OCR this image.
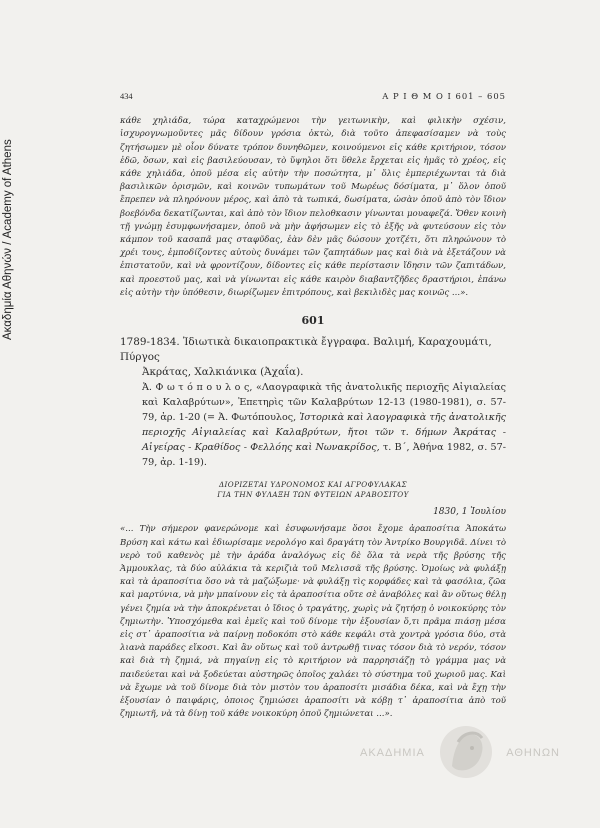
Ακαδημία Αθηνών / Academy of Athens
434	Α Ρ Ι Θ Μ Ο Ι 601 – 605

κάθε χηλιάδα, τώρα καταχρώμενοι τὴν γειτωνικὴν, καὶ φιλικὴν σχέσιν, ἰσχυρογνωμοῦντες μᾶς δίδουν γρόσια ὀκτὼ, διὰ τοῦτο ἀπεφασίσαμεν νὰ τοὺς ζητήσωμεν μὲ οἷον δύνατε τρόπον δυνηθῶμεν, κοινούμενοι εἰς κάθε κριτήριον, τόσον ἐδῶ, ὅσων, καὶ εἰς βασιλεύουσαν, τὸ ὕψηλοι ὅτι ὕθελε ἔρχεται εἰς ἡμᾶς τὸ χρέος, εἰς κάθε χηλιάδα, ὁποῦ μέσα εἰς αὐτὴν τὴν ποσώτητα, μ᾽ ὅλις ἐμπεριέχωνται τὰ διὰ βασιλικῶν ὁρισμῶν, καὶ κοινῶν τυπωμάτων τοῦ Μωρέως δόσίματα, μ᾽ ὅλον ὁποῦ ἔπρεπεν νὰ πληρόνουν μέρος, καὶ ἀπὸ τὰ τωπικά, δωσίματα, ὡσὰν ὁποῦ ἀπὸ τὸν ἴδιον βοεβόνδα δεκατίζωνται, καὶ ἀπὸ τὸν ἴδιον πελοθκασιν γίνωνται μουαφεζά. Ὅθεν κοινὴ τῇ γνώμῃ ἐσυμφωνήσαμεν, ὁποῦ νὰ μὴν ἀφήσωμεν εἰς τὸ ἑξῆς νὰ φυτεύσουν εἰς τὸν κάμπον τοῦ κασαπᾶ μας σταφῦδας, ἐὰν δὲν μᾶς δώσουν χοτζέτι, ὅτι πληρώνουν τὸ χρέι τους, ἐμποδίζοντες αὐτοὺς δυνάμει τῶν ζαπητάδων μας καὶ διὰ νὰ ἐξετάζουν νὰ ἐπιστατοῦν, καὶ νὰ φροντίζουν, δίδοντες εἰς κάθε περίστασιν ἴδησιν τῶν ζαπιτάδων, καὶ προεστοῦ μας, καὶ νὰ γίνωνται εἰς κάθε καιρὸν διαβαντζῆδες δραστήριοι, ἐπάνω εἰς αὐτὴν τὴν ὑπόθεσιν, διωρίζωμεν ἐπιτρόπους, καὶ βεκιλιδὲς μας κοινῶς ...».

601

1789-1834. Ἰδιωτικὰ δικαιοπρακτικὰ ἔγγραφα. Βαλιμή, Καραχουμάτι, Πύργος

Ἀκράτας, Χαλκιάνικα (Ἀχαΐα).

Ἀ. Φ ω τ ό π ο υ λ ο ς, «Λαογραφικὰ τῆς ἀνατολικῆς περιοχῆς Αἰγιαλείας καὶ Καλαβρύτων», Ἐπετηρὶς τῶν Καλαβρύτων 12-13 (1980-1981), σ. 57-79, ἀρ. 1-20 (= Ἀ. Φωτόπουλος, Ἱστορικὰ καὶ λαογραφικὰ τῆς ἀνατολικῆς περιοχῆς Αἰγιαλείας καὶ Καλαβρύτων, ἤτοι τῶν τ. δήμων Ἀκράτας - Αἰγείρας - Κραθίδος - Φελλόης καὶ Νωνακρίδος, τ. Β΄, Ἀθήνα 1982, σ. 57-79, ἀρ. 1-19).

ΔΙΟΡΙΖΕΤΑΙ ΥΔΡΟΝΟΜΟΣ ΚΑΙ ΑΓΡΟΦΥΛΑΚΑΣ
ΓΙΑ ΤΗΝ ΦΥΛΑΞΗ ΤΩΝ ΦΥΤΕΙΩΝ ΑΡΑΒΟΣΙΤΟΥ
1830, 1 Ἰουλίου

«... Τὴν σήμερον φανερώνομε καὶ ἐσυφωνήσαμε ὅσοι ἔχομε ἀραποσίτια Ἀποκάτω Βρύση καὶ κάτω καὶ ἐδιωρίσαμε νερολόγο καὶ δραγάτη τὸν Ἀντρίκο Βουργιδᾶ. Δίνει τὸ νερὸ τοῦ καθενὸς μὲ τὴν ἀράδα ἀναλόγως εἰς δὲ ὅλα τὰ νερὰ τῆς βρύσης τῆς Ἀμμουκλας, τὰ δύο αὐλάκια τὰ κεριζιὰ τοῦ Μελισσᾶ τῆς βρύσης. Ὁμοίως νὰ φυλάξῃ καὶ τὰ ἀραποσίτια ὅσο νὰ τὰ μαζώξωμε· νὰ φυλάξῃ τὶς κορφάδες καὶ τὰ φασόλια, ζῶα καὶ μαρτύνια, νὰ μὴν μπαίνουν εἰς τὰ ἀραποσίτια οὔτε σὲ ἀναβόλες καὶ ἂν οὕτως θέλῃ γένει ζημία νὰ τὴν ἀποκρένεται ὁ ἴδιος ὁ τραγάτης, χωρὶς νὰ ζητήσῃ ὁ νοικοκύρης τὸν ζημιωτὴν. Ὑποσχόμεθα καὶ ἐμεῖς καὶ τοῦ δίνομε τὴν ἐξουσίαν ὅ,τι πρᾶμα πιάσῃ μέσα εἰς στ᾽ ἀραποσίτια νὰ παίρνῃ ποδοκόπι στὸ κάθε κεφάλι στὰ χοντρὰ γρόσια δύο, στὰ λιανὰ παράδες εἴκοσι. Καὶ ἂν οὕτως καὶ τοῦ ἀντρωθῇ τινας τόσον διὰ τὸ νερόν, τόσον καὶ διὰ τὴ ζημιά, νὰ πηγαίνῃ εἰς τὸ κριτήριον νὰ παρρησιάζῃ τὸ γράμμα μας νὰ παιδεύεται καὶ νὰ ξοδεύεται αὐστηρῶς ὁποῖος χαλάει τὸ σύστημα τοῦ χωριοῦ μας. Καὶ νὰ ἔχωμε νὰ τοῦ δίνομε διὰ τὸν μιστὸν του ἀραποσίτι μισάδια δέκα, καὶ νὰ ἔχῃ τὴν ἐξουσίαν ὁ παιφάρις, ὁποιος ζημιώσει ἀραποσίτι νὰ κόβῃ τ᾽ ἀραποσίτια ἀπὸ τοῦ ζημιωτῆ, νὰ τὰ δίνῃ τοῦ κάθε νοικοκύρη ὁποῦ ζημιώνεται ...».

ΑΚΑΔΗΜΙΑ	ΑΘΗΝΩΝ
